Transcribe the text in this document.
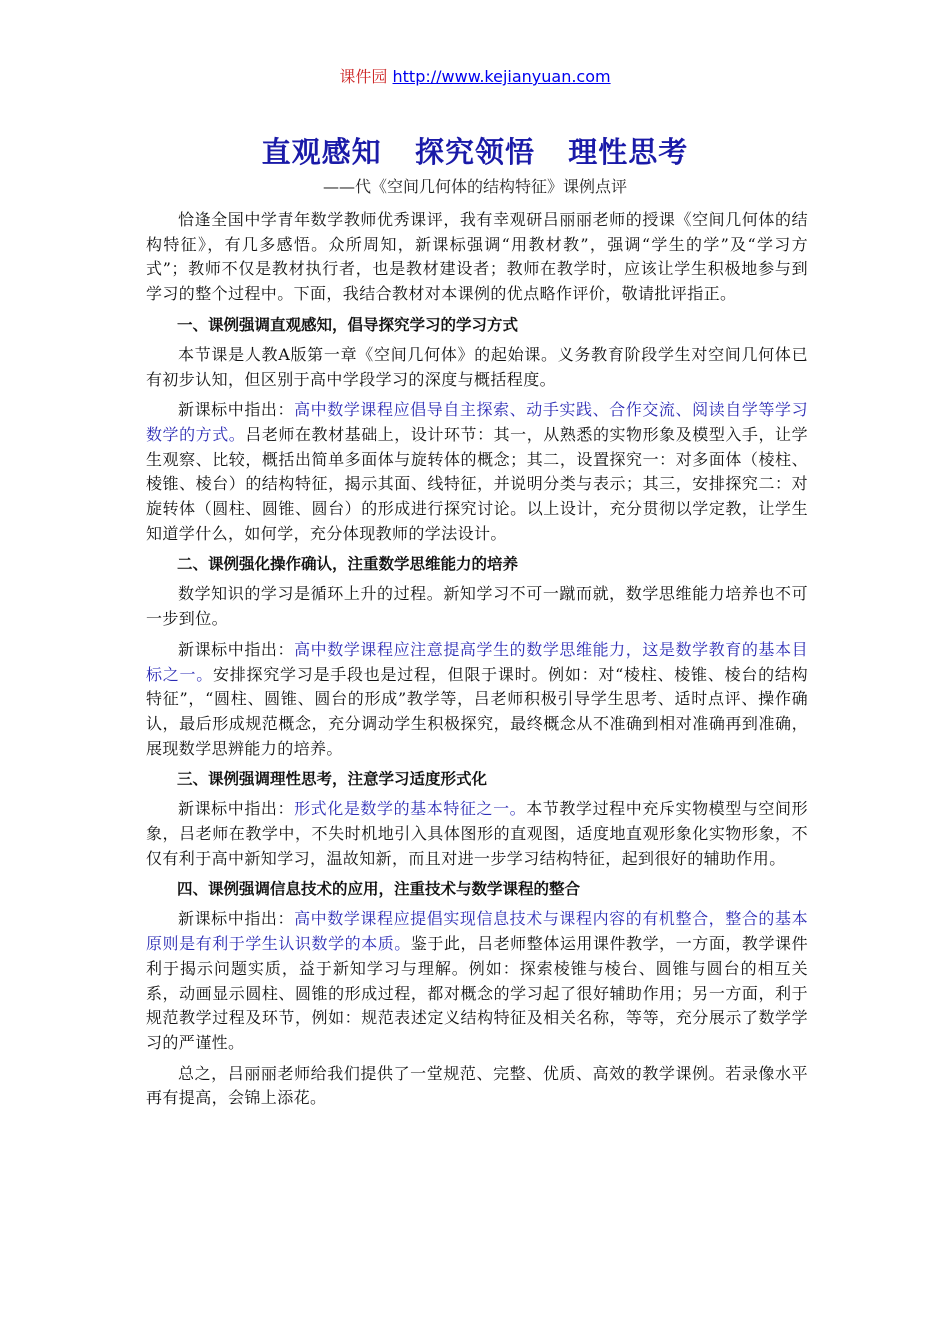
课件园 http://www.kejianyuan.com
直观感知 探究领悟 理性思考
——代《空间几何体的结构特征》课例点评

恰逢全国中学青年数学教师优秀课评，我有幸观研吕丽丽老师的授课《空间几何体的结构特征》，有几多感悟。众所周知，新课标强调“用教材教”，强调“学生的学”及“学习方式”；教师不仅是教材执行者，也是教材建设者；教师在教学时，应该让学生积极地参与到学习的整个过程中。下面，我结合教材对本课例的优点略作评价，敬请批评指正。

一、课例强调直观感知，倡导探究学习的学习方式

本节课是人教A版第一章《空间几何体》的起始课。义务教育阶段学生对空间几何体已有初步认知，但区别于高中学段学习的深度与概括程度。

新课标中指出：高中数学课程应倡导自主探索、动手实践、合作交流、阅读自学等学习数学的方式。吕老师在教材基础上，设计环节：其一，从熟悉的实物形象及模型入手，让学生观察、比较，概括出简单多面体与旋转体的概念；其二，设置探究一：对多面体（棱柱、棱锥、棱台）的结构特征，揭示其面、线特征，并说明分类与表示；其三，安排探究二：对旋转体（圆柱、圆锥、圆台）的形成进行探究讨论。以上设计，充分贯彻以学定教，让学生知道学什么，如何学，充分体现教师的学法设计。

二、课例强化操作确认，注重数学思维能力的培养

数学知识的学习是循环上升的过程。新知学习不可一蹴而就，数学思维能力培养也不可一步到位。

新课标中指出：高中数学课程应注意提高学生的数学思维能力，这是数学教育的基本目标之一。安排探究学习是手段也是过程，但限于课时。例如：对“棱柱、棱锥、棱台的结构特征”，“圆柱、圆锥、圆台的形成”教学等，吕老师积极引导学生思考、适时点评、操作确认，最后形成规范概念，充分调动学生积极探究，最终概念从不准确到相对准确再到准确，展现数学思辨能力的培养。

三、课例强调理性思考，注意学习适度形式化

新课标中指出：形式化是数学的基本特征之一。本节教学过程中充斥实物模型与空间形象，吕老师在教学中，不失时机地引入具体图形的直观图，适度地直观形象化实物形象，不仅有利于高中新知学习，温故知新，而且对进一步学习结构特征，起到很好的辅助作用。

四、课例强调信息技术的应用，注重技术与数学课程的整合

新课标中指出：高中数学课程应提倡实现信息技术与课程内容的有机整合，整合的基本原则是有利于学生认识数学的本质。鉴于此，吕老师整体运用课件教学，一方面，教学课件利于揭示问题实质，益于新知学习与理解。例如：探索棱锥与棱台、圆锥与圆台的相互关系，动画显示圆柱、圆锥的形成过程，都对概念的学习起了很好辅助作用；另一方面，利于规范教学过程及环节，例如：规范表述定义结构特征及相关名称，等等，充分展示了数学学习的严谨性。

总之，吕丽丽老师给我们提供了一堂规范、完整、优质、高效的教学课例。若录像水平再有提高，会锦上添花。
